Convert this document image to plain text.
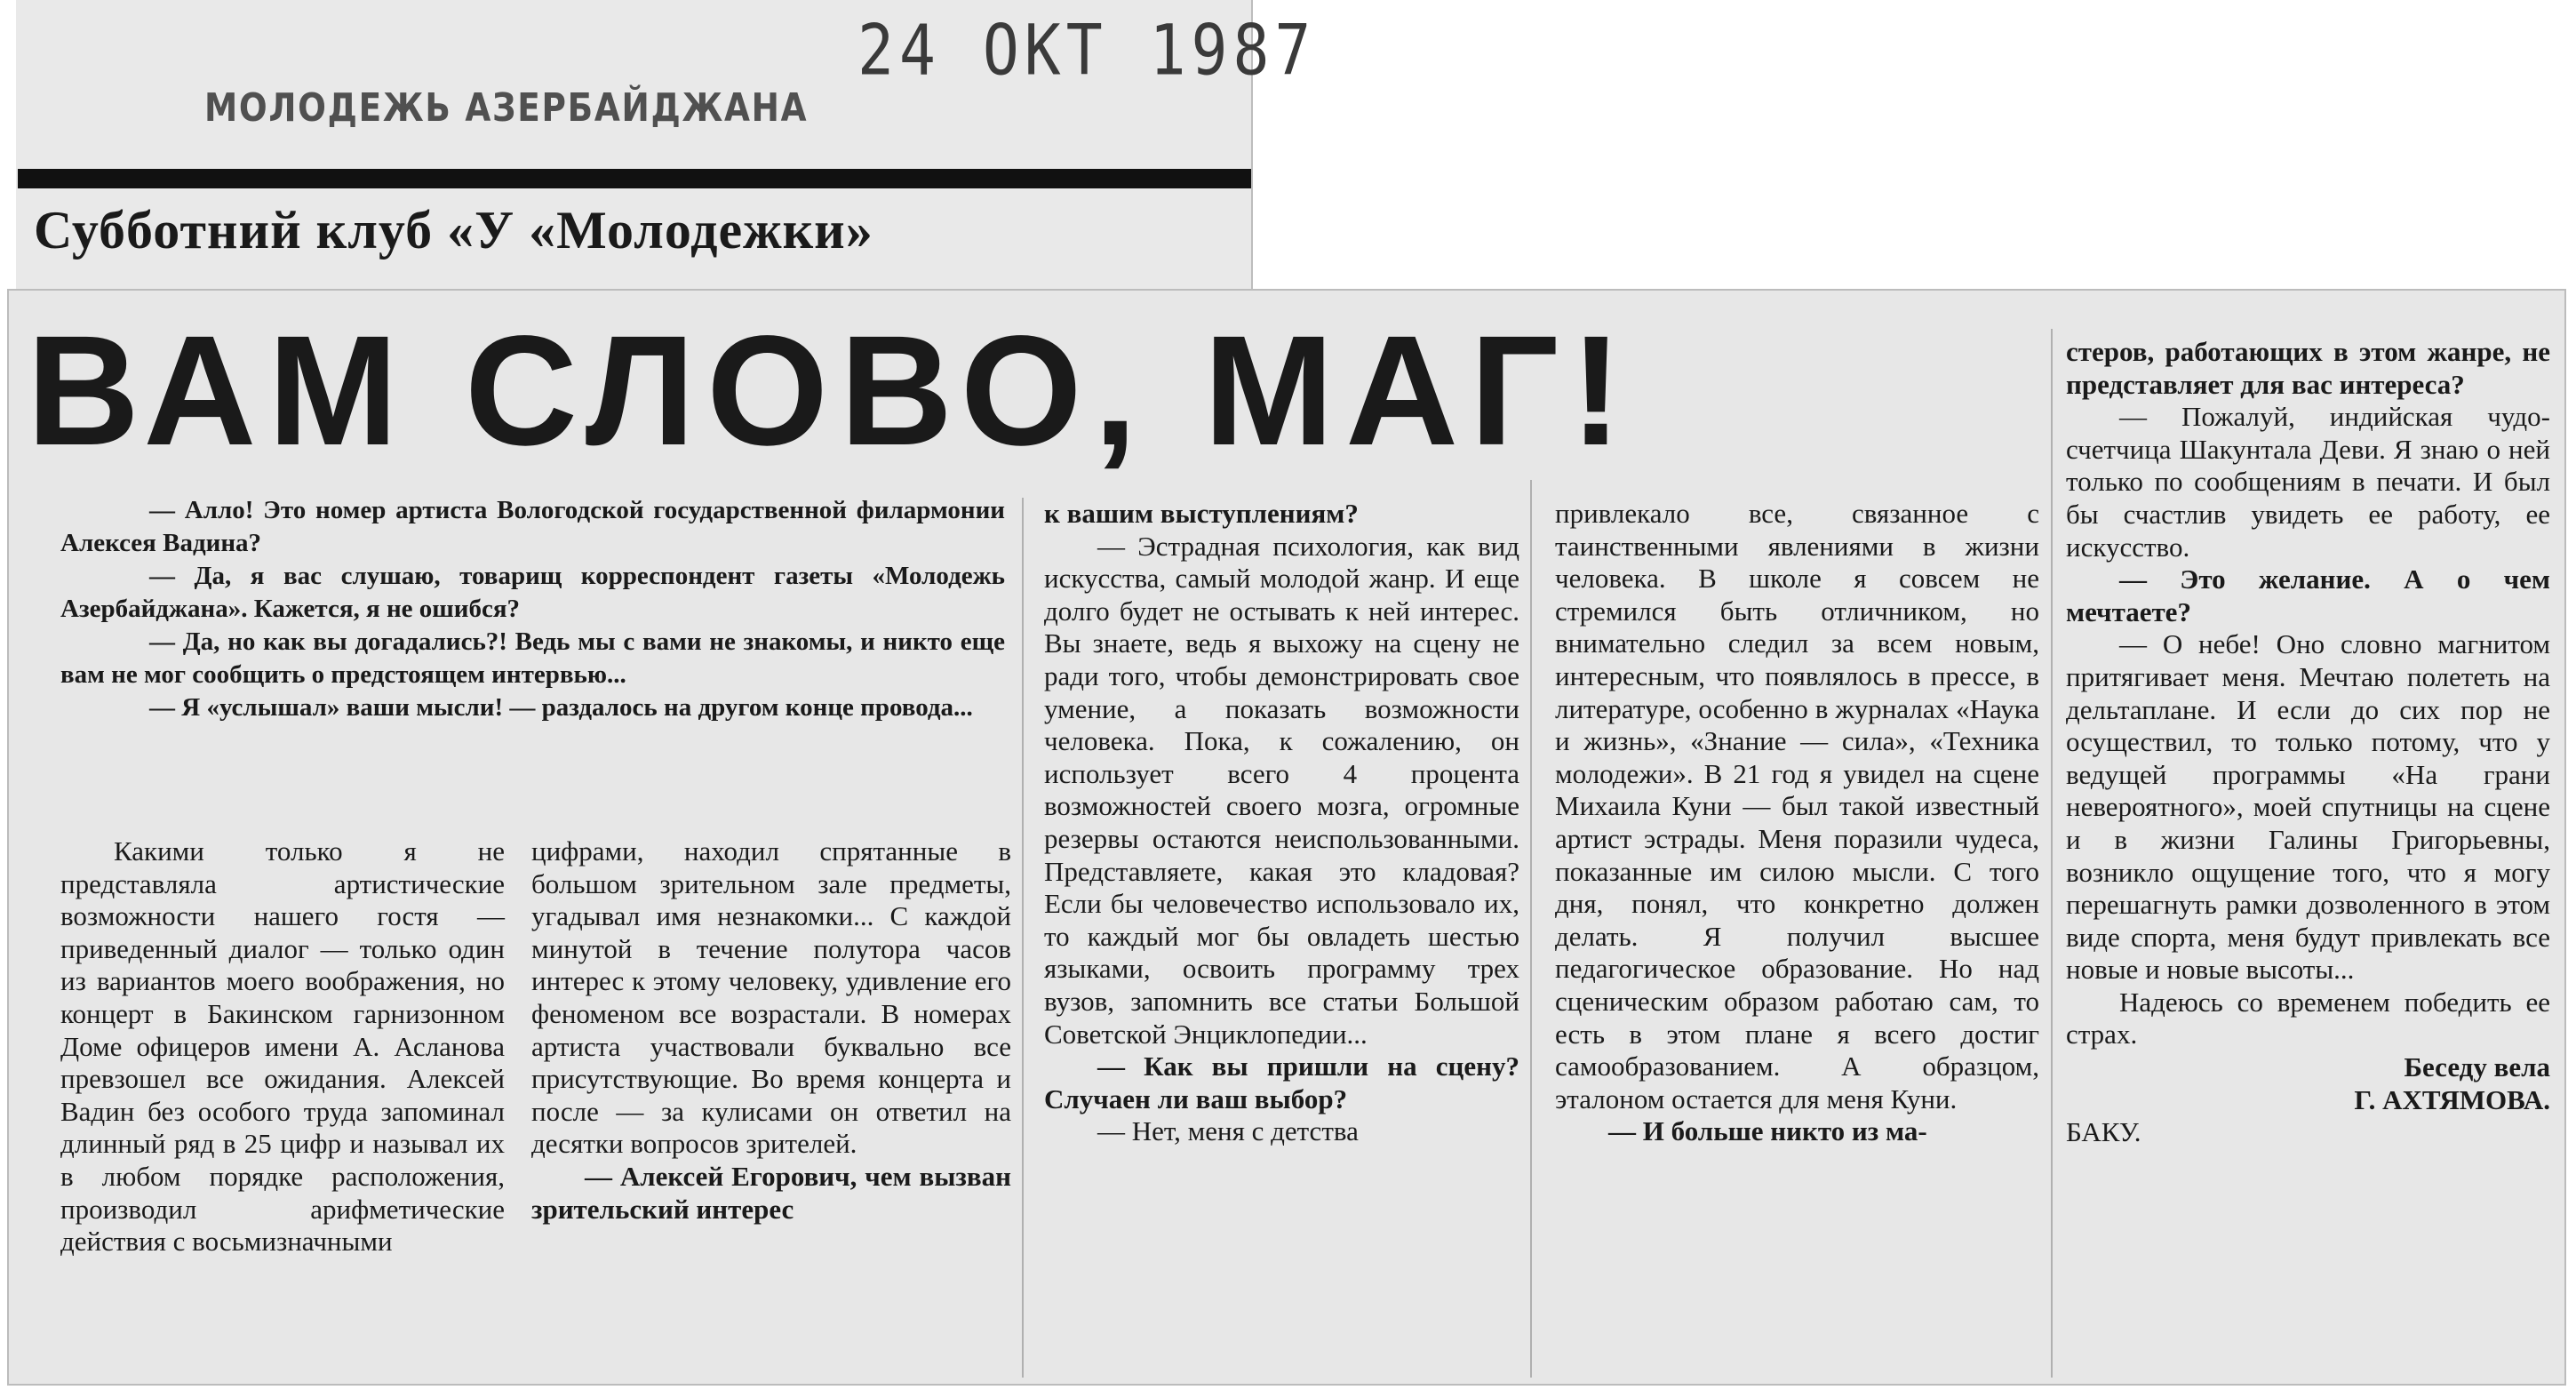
24 ОКТ 1987
МОЛОДЕЖЬ АЗЕРБАЙДЖАНА
Субботний клуб «У «Молодежки»
ВАМ СЛОВО, МАГ!

— Алло! Это номер артиста Вологодской государственной филармонии Алексея Вадина?

— Да, я вас слушаю, товарищ корреспондент газеты «Молодежь Азербайджана». Кажется, я не ошибся?

— Да, но как вы догадались?! Ведь мы с вами не знакомы, и никто еще вам не мог сообщить о предстоящем интервью...

— Я «услышал» ваши мысли! — раздалось на другом конце провода...

Какими только я не представляла артистические возможности нашего гостя — приведенный диалог — только один из вариантов моего воображения, но концерт в Бакинском гарнизонном Доме офицеров имени А. Асланова превзошел все ожидания. Алексей Вадин без особого труда запоминал длинный ряд в 25 цифр и называл их в любом порядке расположения, производил арифметические действия с восьмизначными

цифрами, находил спрятанные в большом зрительном зале предметы, угадывал имя незнакомки... С каждой минутой в течение полутора часов интерес к этому человеку, удивление его феноменом все возрастали. В номерах артиста участвовали буквально все присутствующие. Во время концерта и после — за кулисами он ответил на десятки вопросов зрителей.

— Алексей Егорович, чем вызван зрительский интерес

к вашим выступлениям?

— Эстрадная психология, как вид искусства, самый молодой жанр. И еще долго будет не остывать к ней интерес. Вы знаете, ведь я выхожу на сцену не ради того, чтобы демонстрировать свое умение, а показать возможности человека. Пока, к сожалению, он использует всего 4 процента возможностей своего мозга, огромные резервы остаются неиспользованными. Представляете, какая это кладовая? Если бы человечество использовало их, то каждый мог бы овладеть шестью языками, освоить программу трех вузов, запомнить все статьи Большой Советской Энциклопедии...

— Как вы пришли на сцену? Случаен ли ваш выбор?

— Нет, меня с детства

привлекало все, связанное с таинственными явлениями в жизни человека. В школе я совсем не стремился быть отличником, но внимательно следил за всем новым, интересным, что появлялось в прессе, в литературе, особенно в журналах «Наука и жизнь», «Знание — сила», «Техника молодежи». В 21 год я увидел на сцене Михаила Куни — был такой известный артист эстрады. Меня поразили чудеса, показанные им силою мысли. С того дня, понял, что конкретно должен делать. Я получил высшее педагогическое образование. Но над сценическим образом работаю сам, то есть в этом плане я всего достиг самообразованием. А образцом, эталоном остается для меня Куни.

— И больше никто из ма-

стеров, работающих в этом жанре, не представляет для вас интереса?

— Пожалуй, индийская чудо-счетчица Шакунтала Деви. Я знаю о ней только по сообщениям в печати. И был бы счастлив увидеть ее работу, ее искусство.

— Это желание. А о чем мечтаете?

— О небе! Оно словно магнитом притягивает меня. Мечтаю полететь на дельтаплане. И если до сих пор не осуществил, то только потому, что у ведущей программы «На грани невероятного», моей спутницы на сцене и в жизни Галины Григорьевны, возникло ощущение того, что я могу перешагнуть рамки дозволенного в этом виде спорта, меня будут привлекать все новые и новые высоты...

Надеюсь со временем победить ее страх.

Беседу вела

Г. АХТЯМОВА.

БАКУ.
